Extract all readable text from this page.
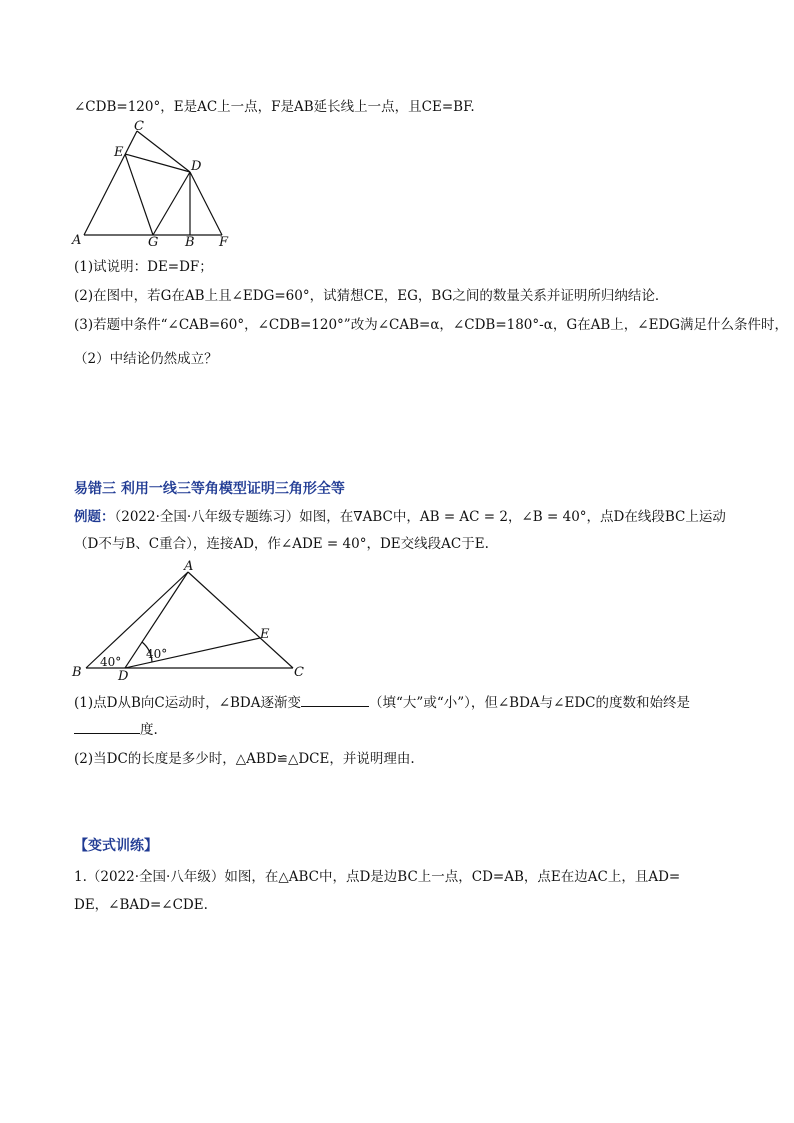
∠CDB=120°，E是AC上一点，F是AB延长线上一点，且CE=BF.
C
E
D
A	G B F
(1)试说明：DE=DF；
(2)在图中，若G在AB上且∠EDG=60°，试猜想CE，EG，BG之间的数量关系并证明所归纳结论．
(3)若题中条件“∠CAB=60°，∠CDB=120°”改为∠CAB=α，∠CDB=180°-α，G在AB上，∠EDG满足什么条件时，
（2）中结论仍然成立？
易错三 利用一线三等角模型证明三角形全等
例题：（2022·全国·八年级专题练习）如图，在∇ABC中，AB = AC = 2，∠B = 40°，点D在线段BC上运动
（D不与B、C重合），连接AD，作∠ADE = 40°，DE交线段AC于E.
A
B	C
D
E
40°
40°
(1)点D从B向C运动时，∠BDA逐渐变	（填“大”或“小”），但∠BDA与∠EDC的度数和始终是
度.
(2)当DC的长度是多少时，△ABD≌△DCE，并说明理由.
【变式训练】
1.（2022·全国·八年级）如图，在△ABC中，点D是边BC上一点，CD=AB，点E在边AC上，且AD=
DE，∠BAD=∠CDE.
